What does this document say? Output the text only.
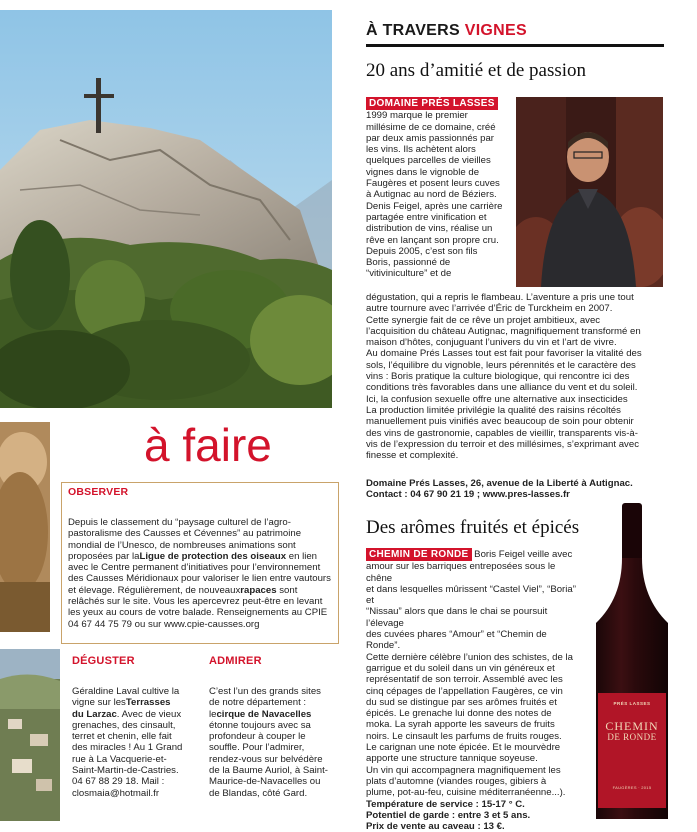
À TRAVERS VIGNES
20 ans d’amitié et de passion
DOMAINE PRÉS LASSES
1999 marque le premier
millésime de ce domaine, créé
par deux amis passionnés par
les vins. Ils achètent alors
quelques parcelles de vieilles
vignes dans le vignoble de
Faugères et posent leurs cuves
à Autignac au nord de Béziers.
Denis Feigel, après une carrière
partagée entre vinification et
distribution de vins, réalise un
rêve en lançant son propre cru.
Depuis 2005, c’est son fils
Boris, passionné de
“vitiviniculture” et de
dégustation, qui a repris le flambeau. L’aventure a pris une tout
autre tournure avec l’arrivée d’Éric de Turckheim en 2007.
Cette synergie fait de ce rêve un projet ambitieux, avec
l’acquisition du château Autignac, magnifiquement transformé en
maison d’hôtes, conjuguant l’univers du vin et l’art de vivre.
Au domaine Prés Lasses tout est fait pour favoriser la vitalité des
sols, l’équilibre du vignoble, leurs pérennités et le caractère des
vins : Boris pratique la culture biologique, qui rencontre ici des
conditions très favorables dans une alliance du vent et du soleil.
Ici, la confusion sexuelle offre une alternative aux insecticides
La production limitée privilégie la qualité des raisins récoltés
manuellement puis vinifiés avec beaucoup de soin pour obtenir
des vins de gastronomie, capables de vieillir, transparents vis-à-
vis de l’expression du terroir et des millésimes, s’exprimant avec
finesse et complexité.
Domaine Prés Lasses, 26, avenue de la Liberté à Autignac.
Contact : 04 67 90 21 19 ; www.pres-lasses.fr
Des arômes fruités et épicés
CHEMIN DE RONDE Boris Feigel veille avec
amour sur les barriques entreposées sous le chêne
et dans lesquelles mûrissent “Castel Viel”, “Boria” et
“Nissau” alors que dans le chai se poursuit l’élevage
des cuvées phares “Amour” et “Chemin de Ronde”.
Cette dernière célèbre l’union des schistes, de la
garrigue et du soleil dans un vin généreux et
représentatif de son terroir. Assemblé avec les
cinq cépages de l’appellation Faugères, ce vin
du sud se distingue par ses arômes fruités et
épicés. Le grenache lui donne des notes de
moka. La syrah apporte les saveurs de fruits
noirs. Le cinsault les parfums de fruits rouges.
Le carignan une note épicée. Et le mourvèdre
apporte une structure tannique soyeuse.
Un vin qui accompagnera magnifiquement les
plats d’automne (viandes rouges, gibiers à
plume, pot-au-feu, cuisine méditerranéenne...).
Température de service : 15-17 ° C.
Potentiel de garde : entre 3 et 5 ans.
Prix de vente au caveau : 13 €.
PRÉS LASSES
CHEMIN
DE RONDE
FAUGÈRES · 2015
à faire
OBSERVER
Depuis le classement du “paysage culturel de l’agro-
pastoralisme des Causses et Cévennes” au patrimoine
mondial de l’Unesco, de nombreuses animations sont
proposées par laLigue de protection des oiseaux en lien
avec le Centre permanent d’initiatives pour l’environnement
des Causses Méridionaux pour valoriser le lien entre vautours
et élevage. Régulièrement, de nouveauxrapaces sont
relâchés sur le site. Vous les apercevrez peut-être en levant
les yeux au cours de votre balade. Renseignements au CPIE
04 67 44 75 79 ou sur www.cpie-causses.org
DÉGUSTER
Géraldine Laval cultive la
vigne sur lesTerrasses
du Larzac. Avec de vieux
grenaches, des cinsault,
terret et chenin, elle fait
des miracles ! Au 1 Grand
rue à La Vacquerie-et-
Saint-Martin-de-Castries.
04 67 88 29 18. Mail :
closmaia@hotmail.fr
ADMIRER
C’est l’un des grands sites
de notre département :
lecirque de Navacelles
étonne toujours avec sa
profondeur à couper le
souffle. Pour l’admirer,
rendez-vous sur belvédère
de la Baume Auriol, à Saint-
Maurice-de-Navacelles ou
de Blandas, côté Gard.
